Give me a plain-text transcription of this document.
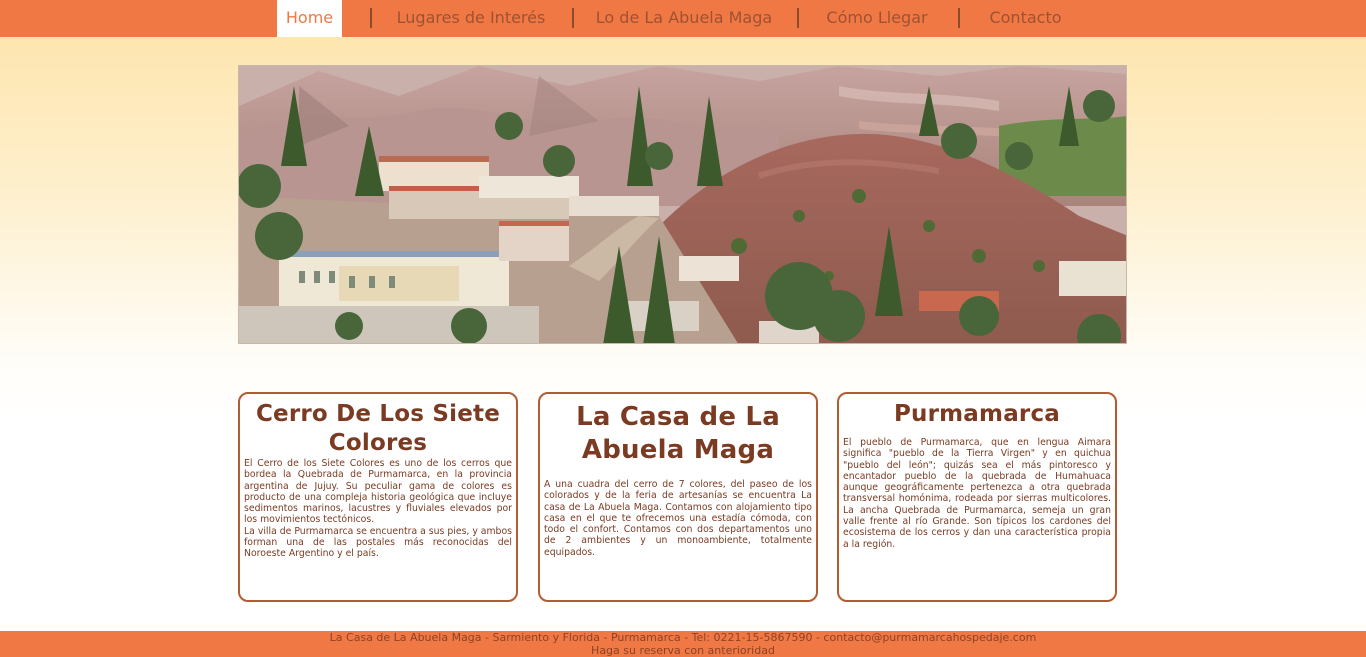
Home	Lugares de Interés	Lo de La Abuela Maga	Cómo Llegar	Contacto
Cerro De Los Siete Colores

El Cerro de los Siete Colores es uno de los cerros que bordea la Quebrada de Purmamarca, en la provincia argentina de Jujuy. Su peculiar gama de colores es producto de una compleja historia geológica que incluye sedimentos marinos, lacustres y fluviales elevados por los movimientos tectónicos.

La villa de Purmamarca se encuentra a sus pies, y ambos forman una de las postales más reconocidas del Noroeste Argentino y el país.

La Casa de La Abuela Maga

A una cuadra del cerro de 7 colores, del paseo de los colorados y de la feria de artesanías se encuentra La casa de La Abuela Maga. Contamos con alojamiento tipo casa en el que te ofrecemos una estadía cómoda, con todo el confort. Contamos con dos departamentos uno de 2 ambientes y un monoambiente, totalmente equipados.

Purmamarca

El pueblo de Purmamarca, que en lengua Aimara significa "pueblo de la Tierra Virgen" y en quichua "pueblo del león"; quizás sea el más pintoresco y encantador pueblo de la quebrada de Humahuaca aunque geográficamente pertenezca a otra quebrada transversal homónima, rodeada por sierras multicolores. La ancha Quebrada de Purmamarca, semeja un gran valle frente al río Grande. Son típicos los cardones del ecosistema de los cerros y dan una característica propia a la región.

La Casa de La Abuela Maga - Sarmiento y Florida - Purmamarca - Tel: 0221-15-5867590 - contacto@purmamarcahospedaje.com
Haga su reserva con anterioridad
